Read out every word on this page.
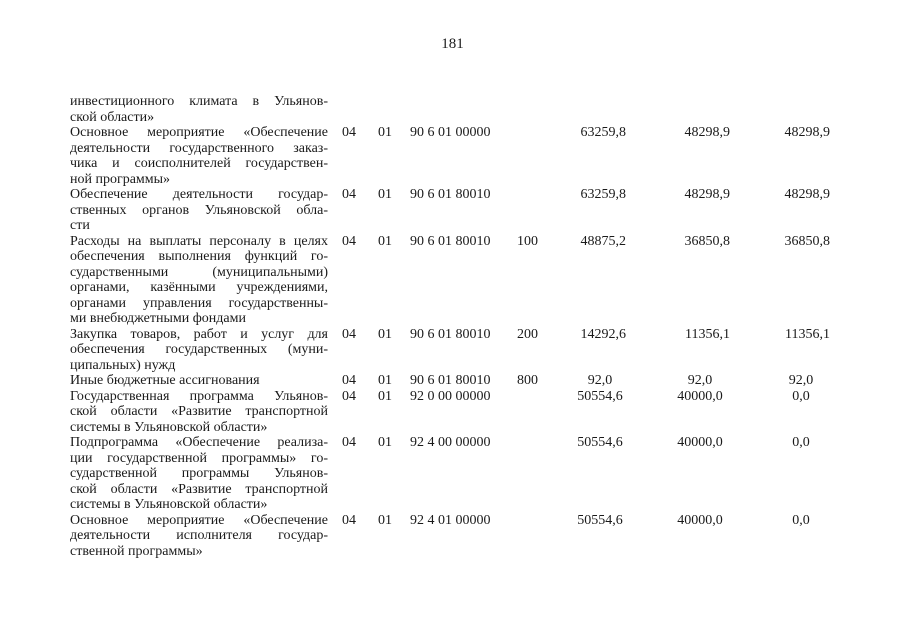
181
инвестиционного климата в Ульянов-
ской области»
Основное мероприятие «Обеспечение
деятельности государственного заказ-
чика и соисполнителей государствен-
ной программы»
04 01 90 6 01 00000	63259,8	48298,9	48298,9
Обеспечение деятельности государ-
ственных органов Ульяновской обла-
сти
04 01 90 6 01 80010	63259,8	48298,9	48298,9
Расходы на выплаты персоналу в целях
обеспечения выполнения функций го-
сударственными (муниципальными)
органами, казёнными учреждениями,
органами управления государственны-
ми внебюджетными фондами
04 01 90 6 01 80010 100	48875,2	36850,8	36850,8
Закупка товаров, работ и услуг для
обеспечения государственных (муни-
ципальных) нужд
04 01 90 6 01 80010 200	14292,6	11356,1	11356,1
Иные бюджетные ассигнования	04 01 90 6 01 80010 800	92,0	92,0	92,0
Государственная программа Ульянов-
ской области «Развитие транспортной
системы в Ульяновской области»
04 01 92 0 00 00000	50554,6	40000,0	0,0
Подпрограмма «Обеспечение реализа-
ции государственной программы» го-
сударственной программы Ульянов-
ской области «Развитие транспортной
системы в Ульяновской области»
04 01 92 4 00 00000	50554,6	40000,0	0,0
Основное мероприятие «Обеспечение
деятельности исполнителя государ-
ственной программы»
04 01 92 4 01 00000	50554,6	40000,0	0,0
